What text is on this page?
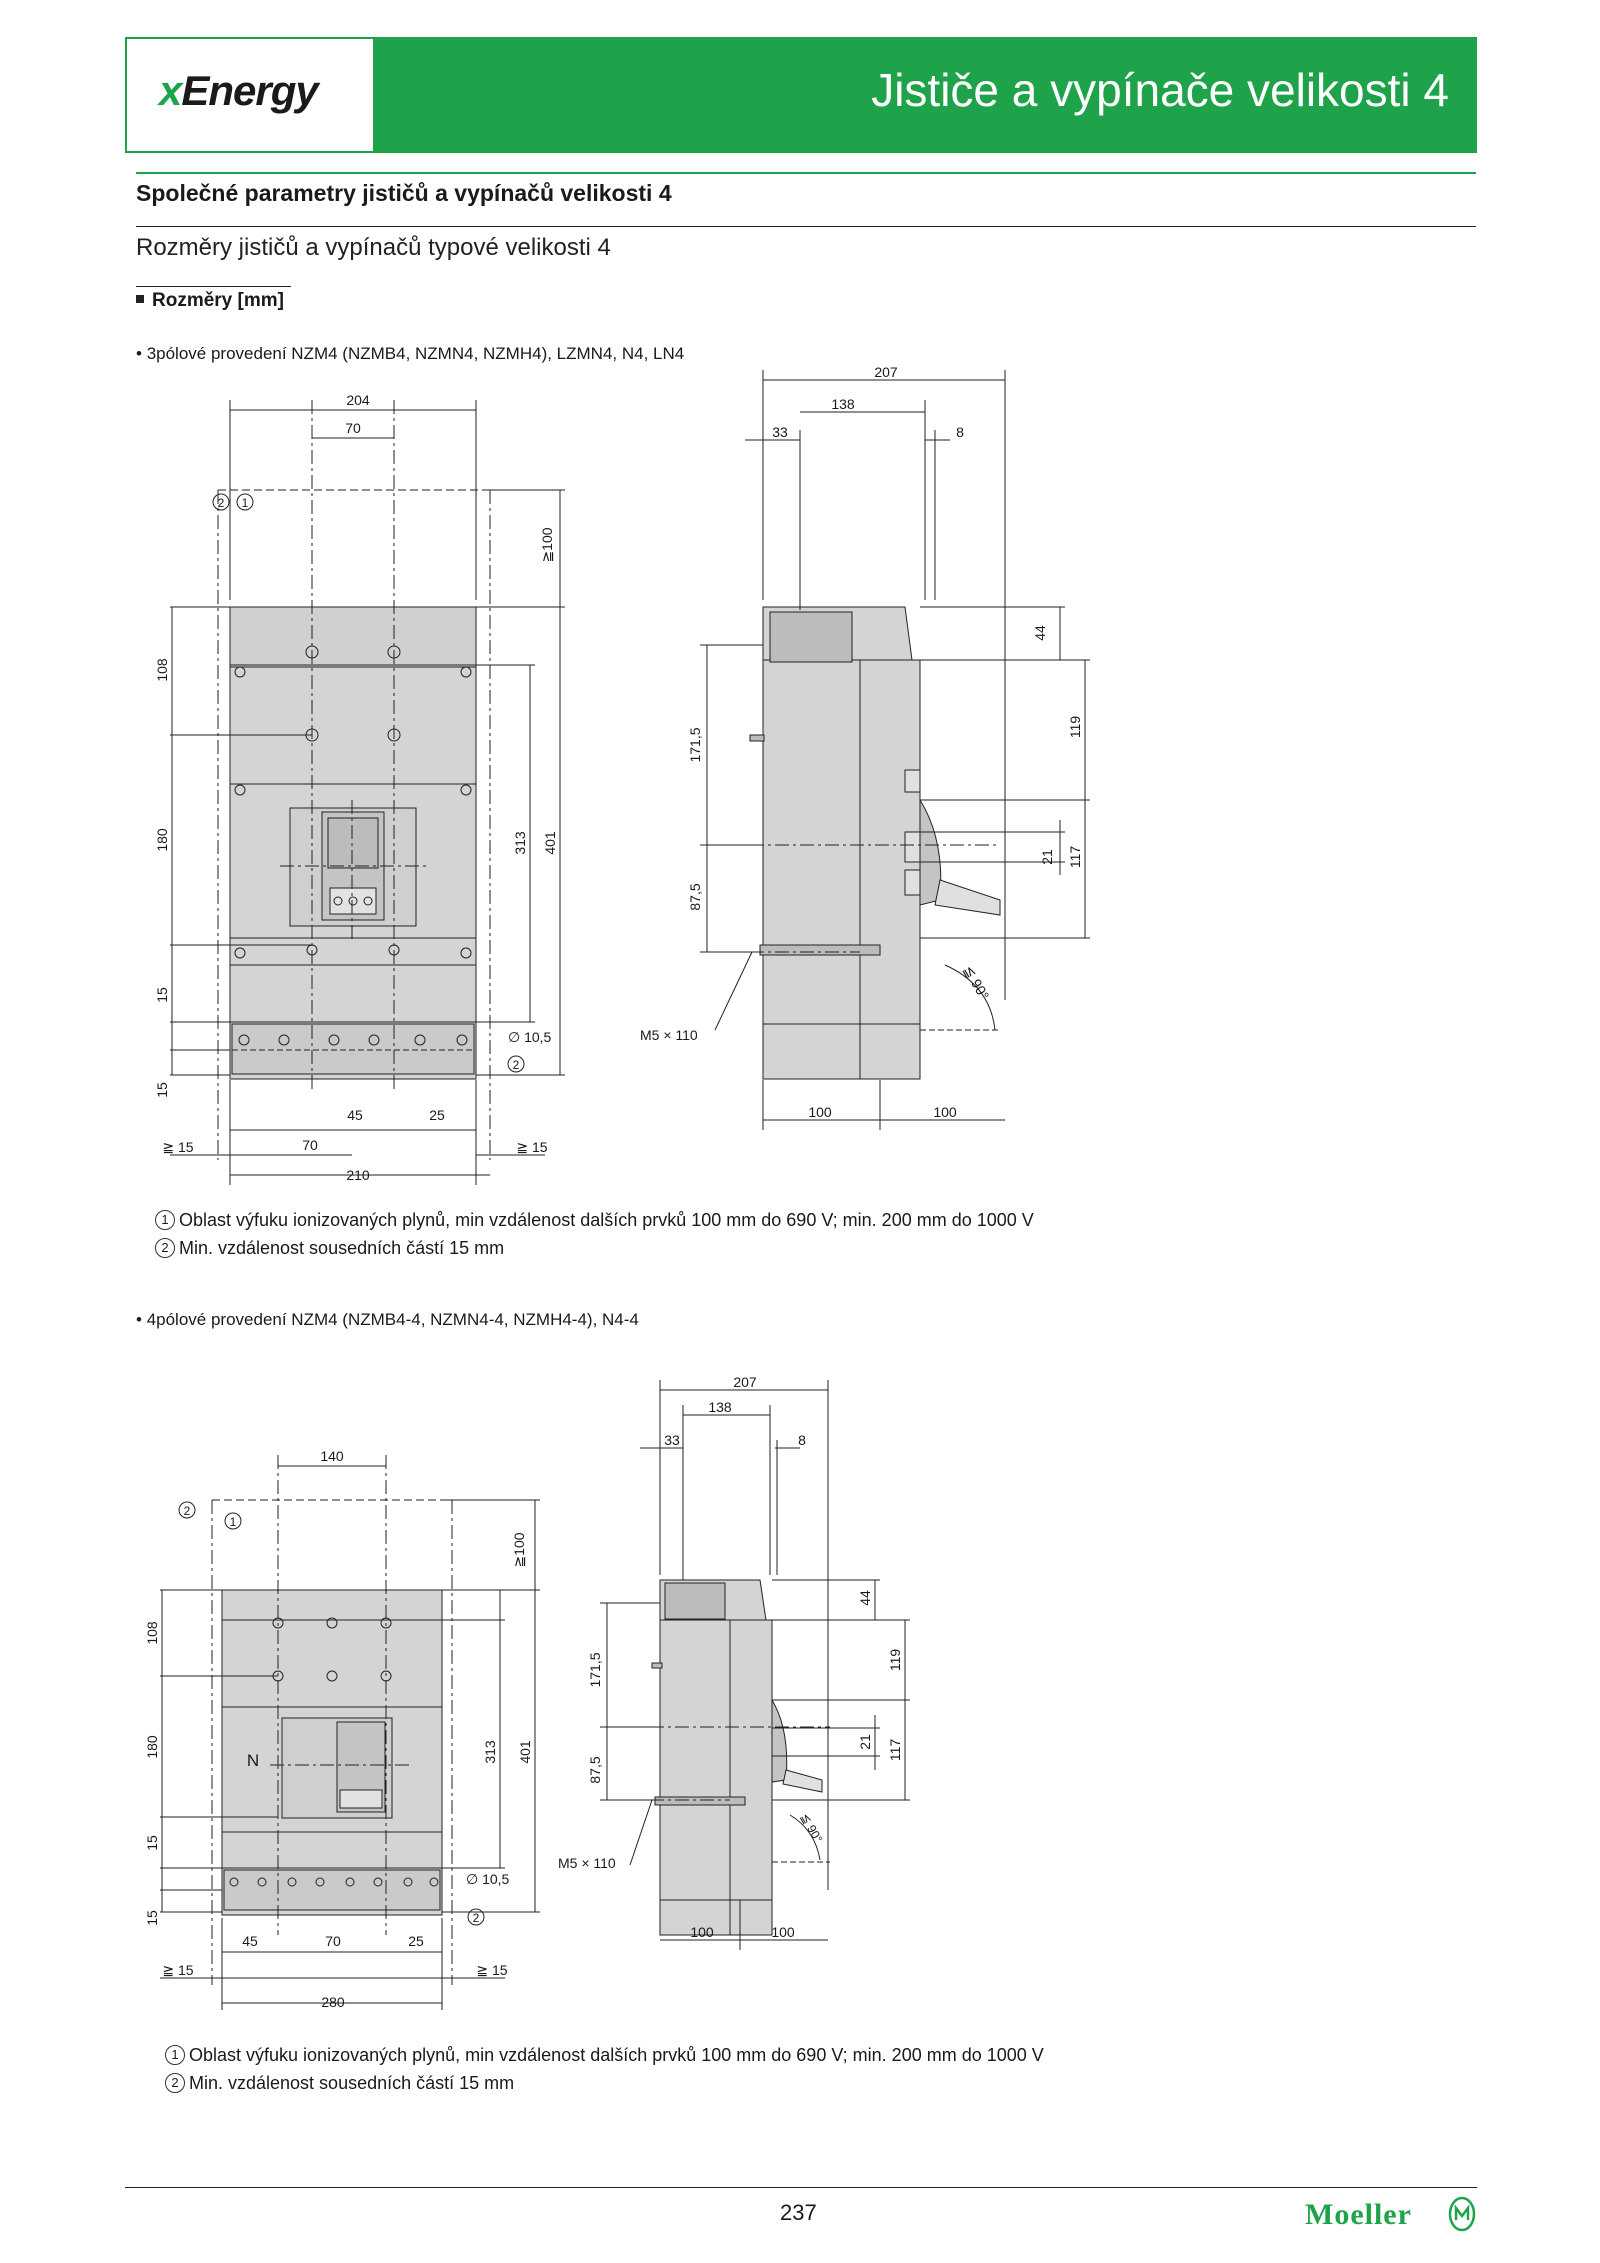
xEnergy	Jističe a vypínače velikosti 4
Společné parametry jističů a vypínačů velikosti 4
Rozměry jističů a vypínačů typové velikosti 4
Rozměry [mm]
• 3pólové provedení NZM4 (NZMB4, NZMN4, NZMH4), LZMN4, N4, LN4
2 1
2
204
70
≧100
108
180
15
15
313 401
∅ 10,5
45	25
70
≧ 15	≧ 15
210
207
138
33	8
44
119
171,5
21 117
87,5
≦ 90°
M5 × 110
100	100
1 Oblast výfuku ionizovaných plynů, min vzdálenost dalších prvků 100 mm do 690 V; min. 200 mm do 1000 V
2 Min. vzdálenost sousedních částí 15 mm
• 4pólové provedení NZM4 (NZMB4-4, NZMN4-4, NZMH4-4), N4-4
2
1
2
140
≧100
108
180
15
15
313 401
∅ 10,5
45	70	25
≧ 15	≧ 15
280
N
207
138
33	8
44
119
171,5
21 117
87,5
≦ 90°
M5 × 110
100	100
1 Oblast výfuku ionizovaných plynů, min vzdálenost dalších prvků 100 mm do 690 V; min. 200 mm do 1000 V
2 Min. vzdálenost sousedních částí 15 mm
237	Moeller
